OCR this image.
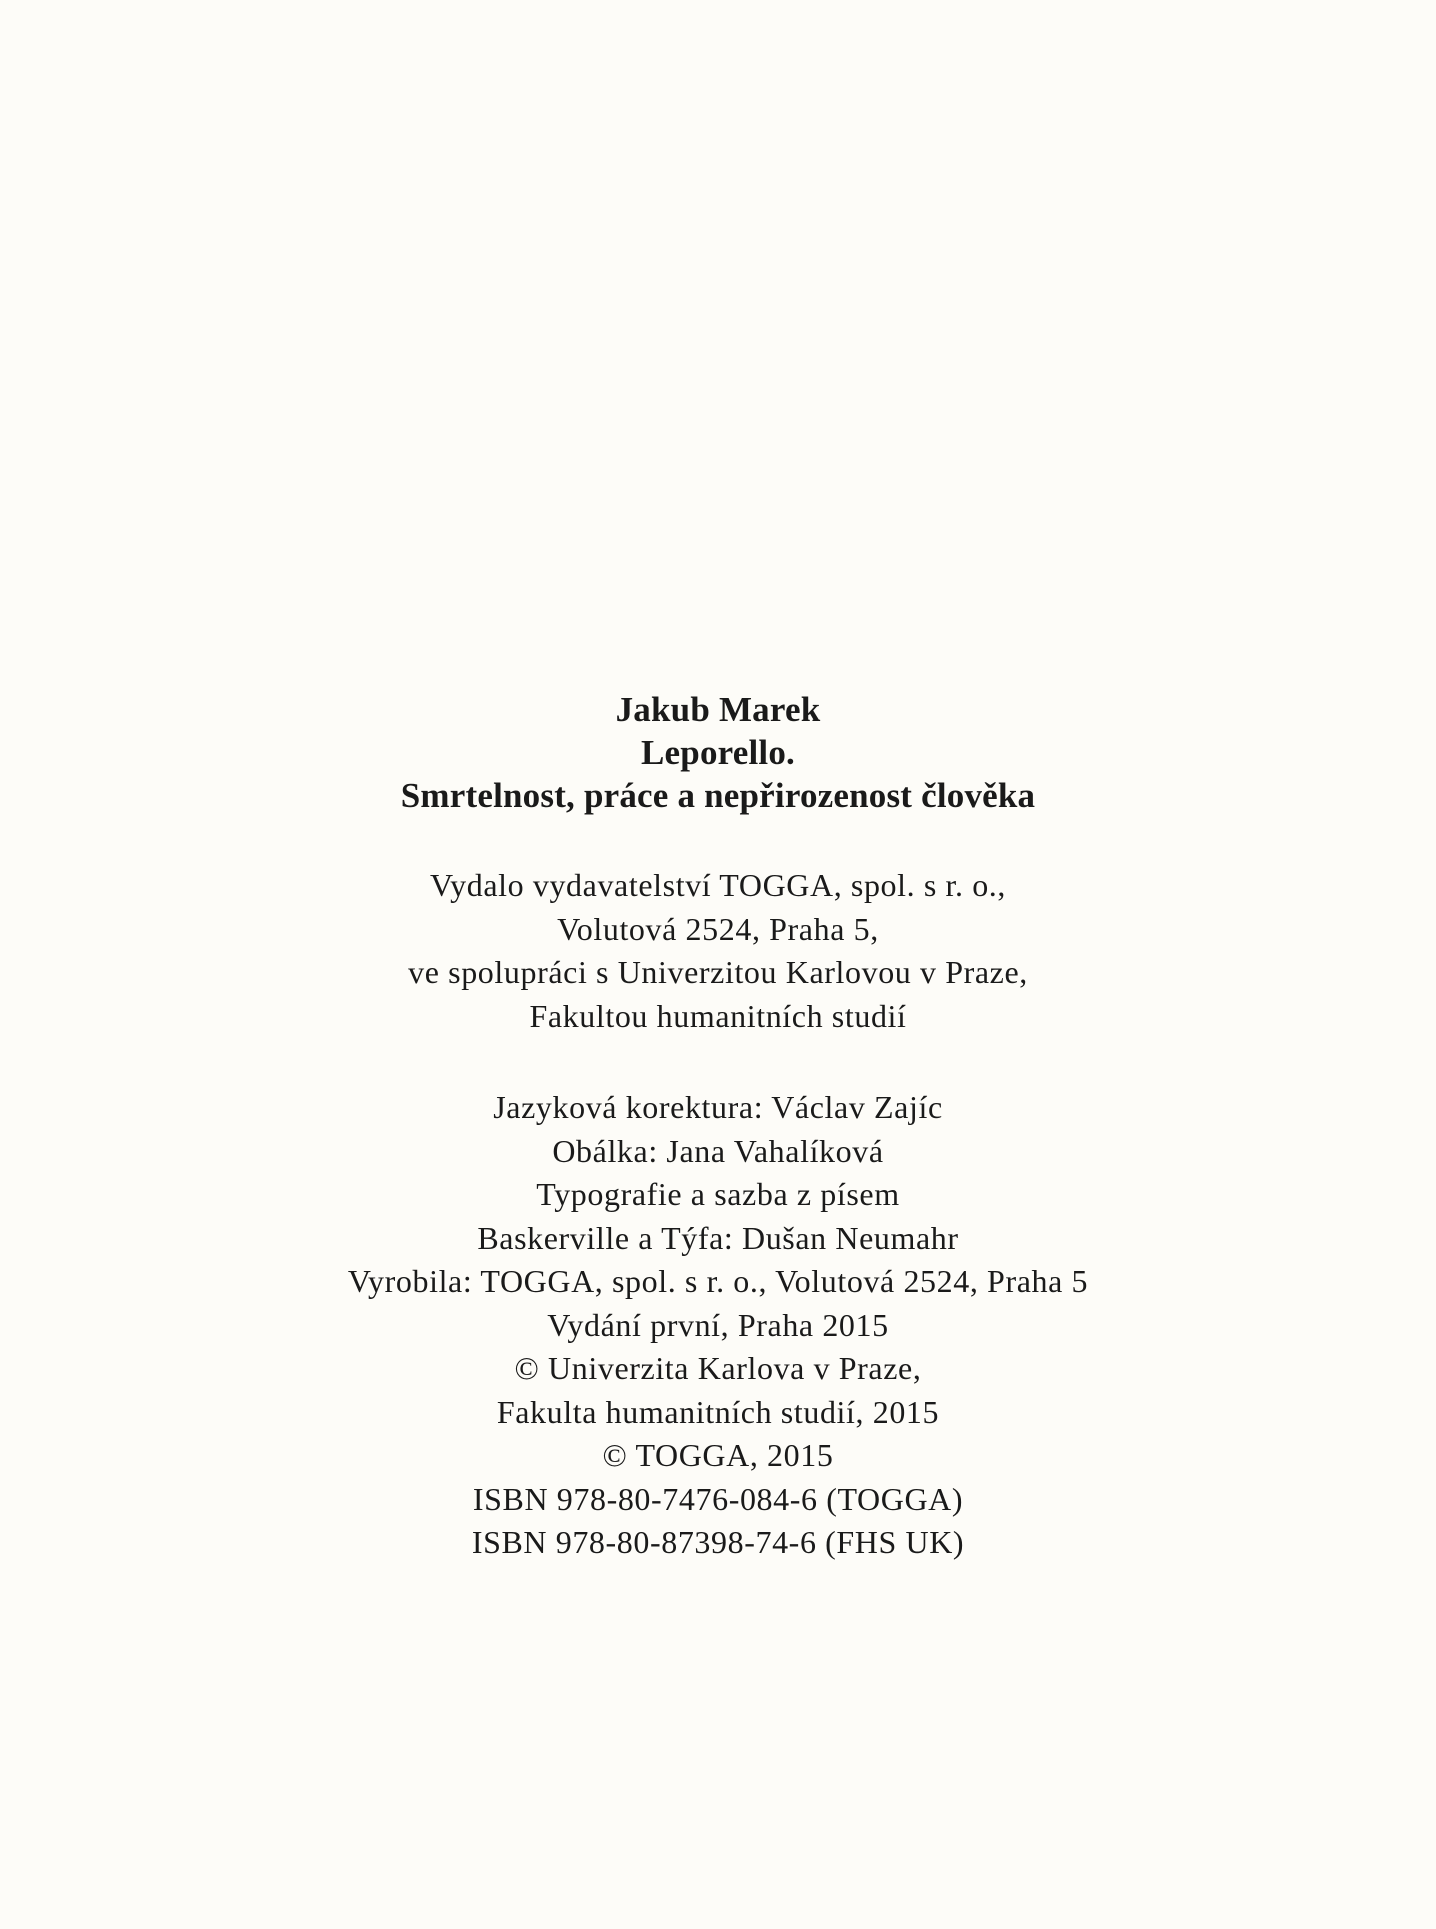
Jakub Marek
Leporello.
Smrtelnost, práce a nepřirozenost člověka
Vydalo vydavatelství TOGGA, spol. s r. o.,
Volutová 2524, Praha 5,
ve spolupráci s Univerzitou Karlovou v Praze,
Fakultou humanitních studií
Jazyková korektura: Václav Zajíc
Obálka: Jana Vahalíková
Typografie a sazba z písem
Baskerville a Týfa: Dušan Neumahr
Vyrobila: TOGGA, spol. s r. o., Volutová 2524, Praha 5
Vydání první, Praha 2015
© Univerzita Karlova v Praze,
Fakulta humanitních studií, 2015
© TOGGA, 2015
ISBN 978-80-7476-084-6 (TOGGA)
ISBN 978-80-87398-74-6 (FHS UK)
